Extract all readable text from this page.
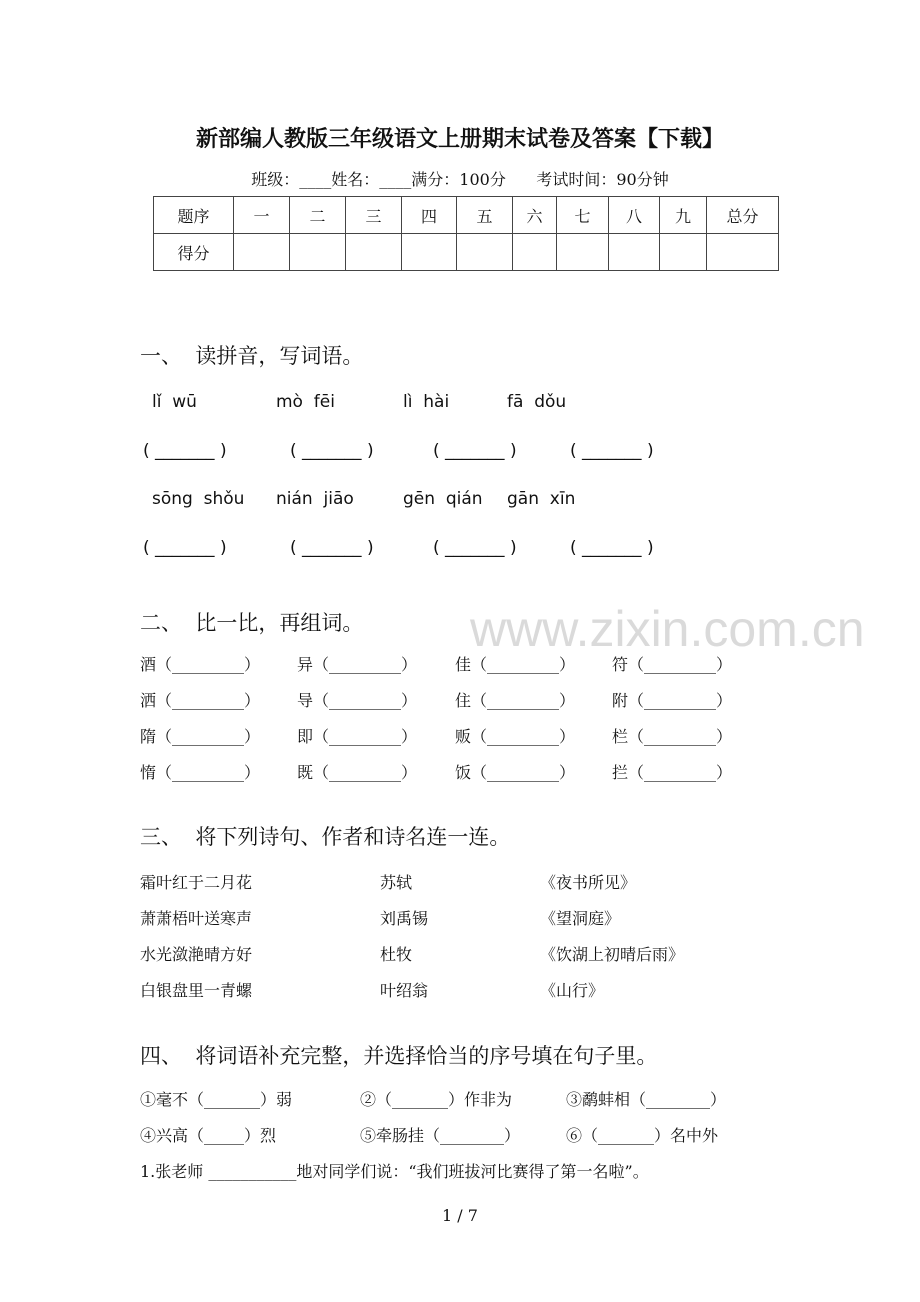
www.zixin.com.cn
新部编人教版三年级语文上册期末试卷及答案【下载】
班级：____姓名：____满分：100分      考试时间：90分钟
题序	一	二	三	四	五	六	七	八	九	总分
得分										
一、  读拼音，写词语。
lǐ  wū	mò  fēi	lì  hài	fā  dǒu
( _______ )	( _______ )	( _______ )	( _______ )
sōng  shǒu nián  jiāo	gēn  qián gān  xīn
( _______ )	( _______ )	( _______ )	( _______ )
二、  比一比，再组词。
酒（_________） 异（_________） 佳（_________） 符（_________）
洒（_________） 导（_________） 住（_________） 附（_________）
隋（_________） 即（_________） 贩（_________） 栏（_________）
惰（_________） 既（_________） 饭（_________） 拦（_________）
三、  将下列诗句、作者和诗名连一连。
霜叶红于二月花	苏轼	《夜书所见》
萧萧梧叶送寒声	刘禹锡	《望洞庭》
水光潋滟晴方好	杜牧	《饮湖上初晴后雨》
白银盘里一青螺	叶绍翁	《山行》
四、  将词语补充完整，并选择恰当的序号填在句子里。
①毫不（_______）弱	②（_______）作非为	③鹬蚌相（________）
④兴高（_____）烈	⑤牵肠挂（________）	⑥（_______）名中外
1.张老师 ___________地对同学们说：“我们班拔河比赛得了第一名啦”。
1 / 7
